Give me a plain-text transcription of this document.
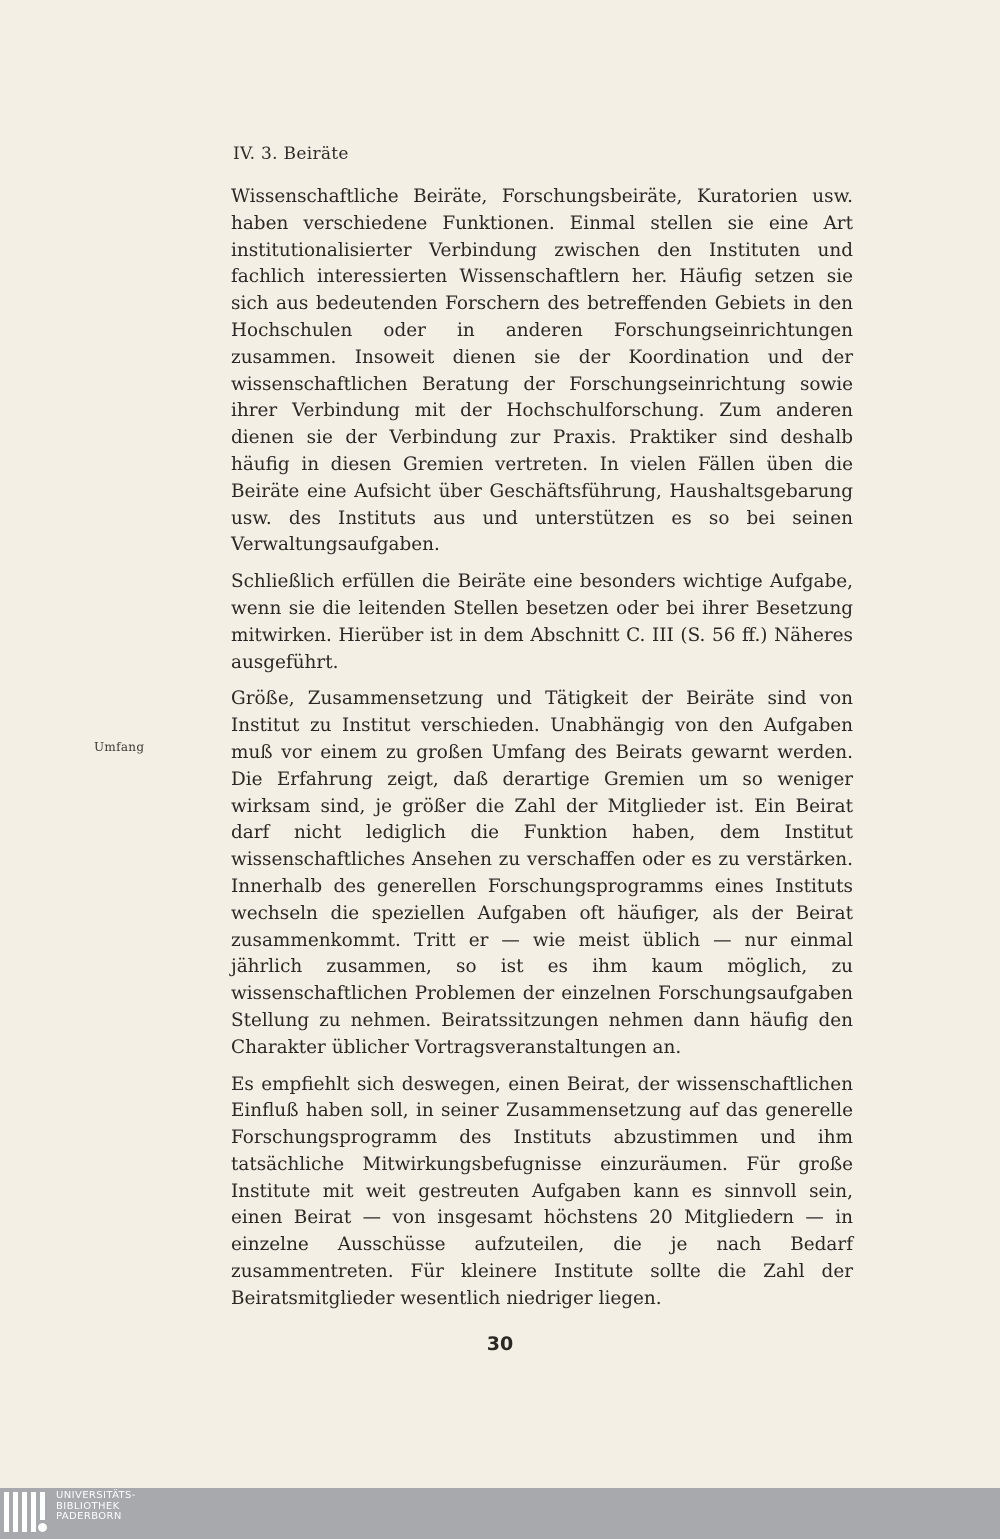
IV. 3. Beiräte
Umfang

Wissenschaftliche Beiräte, Forschungsbeiräte, Kuratorien usw. haben verschiedene Funktionen. Einmal stellen sie eine Art institutionalisierter Verbindung zwischen den Instituten und fachlich interessierten Wissenschaftlern her. Häufig setzen sie sich aus bedeutenden Forschern des betreffenden Gebiets in den Hochschulen oder in anderen Forschungseinrichtungen zusammen. Insoweit dienen sie der Koordination und der wissenschaftlichen Beratung der Forschungseinrichtung sowie ihrer Verbindung mit der Hochschulforschung. Zum anderen dienen sie der Verbindung zur Praxis. Praktiker sind deshalb häufig in diesen Gremien vertreten. In vielen Fällen üben die Beiräte eine Aufsicht über Geschäftsführung, Haushaltsgebarung usw. des Instituts aus und unterstützen es so bei seinen Verwaltungsaufgaben.

Schließlich erfüllen die Beiräte eine besonders wichtige Aufgabe, wenn sie die leitenden Stellen besetzen oder bei ihrer Besetzung mitwirken. Hierüber ist in dem Abschnitt C. III (S. 56 ff.) Näheres ausgeführt.

Größe, Zusammensetzung und Tätigkeit der Beiräte sind von Institut zu Institut verschieden. Unabhängig von den Aufgaben muß vor einem zu großen Umfang des Beirats gewarnt werden. Die Erfahrung zeigt, daß derartige Gremien um so weniger wirksam sind, je größer die Zahl der Mitglieder ist. Ein Beirat darf nicht lediglich die Funktion haben, dem Institut wissenschaftliches Ansehen zu verschaffen oder es zu verstärken. Innerhalb des generellen Forschungsprogramms eines Instituts wechseln die speziellen Aufgaben oft häufiger, als der Beirat zusammenkommt. Tritt er — wie meist üblich — nur einmal jährlich zusammen, so ist es ihm kaum möglich, zu wissenschaftlichen Problemen der einzelnen Forschungsaufgaben Stellung zu nehmen. Beiratssitzungen nehmen dann häufig den Charakter üblicher Vortragsveranstaltungen an.

Es empfiehlt sich deswegen, einen Beirat, der wissenschaftlichen Einfluß haben soll, in seiner Zusammensetzung auf das generelle Forschungsprogramm des Instituts abzustimmen und ihm tatsächliche Mitwirkungsbefugnisse einzuräumen. Für große Institute mit weit gestreuten Aufgaben kann es sinnvoll sein, einen Beirat — von insgesamt höchstens 20 Mitgliedern — in einzelne Ausschüsse aufzuteilen, die je nach Bedarf zusammentreten. Für kleinere Institute sollte die Zahl der Beiratsmitglieder wesentlich niedriger liegen.

30
UNIVERSITÄTS-
BIBLIOTHEK
PADERBORN
